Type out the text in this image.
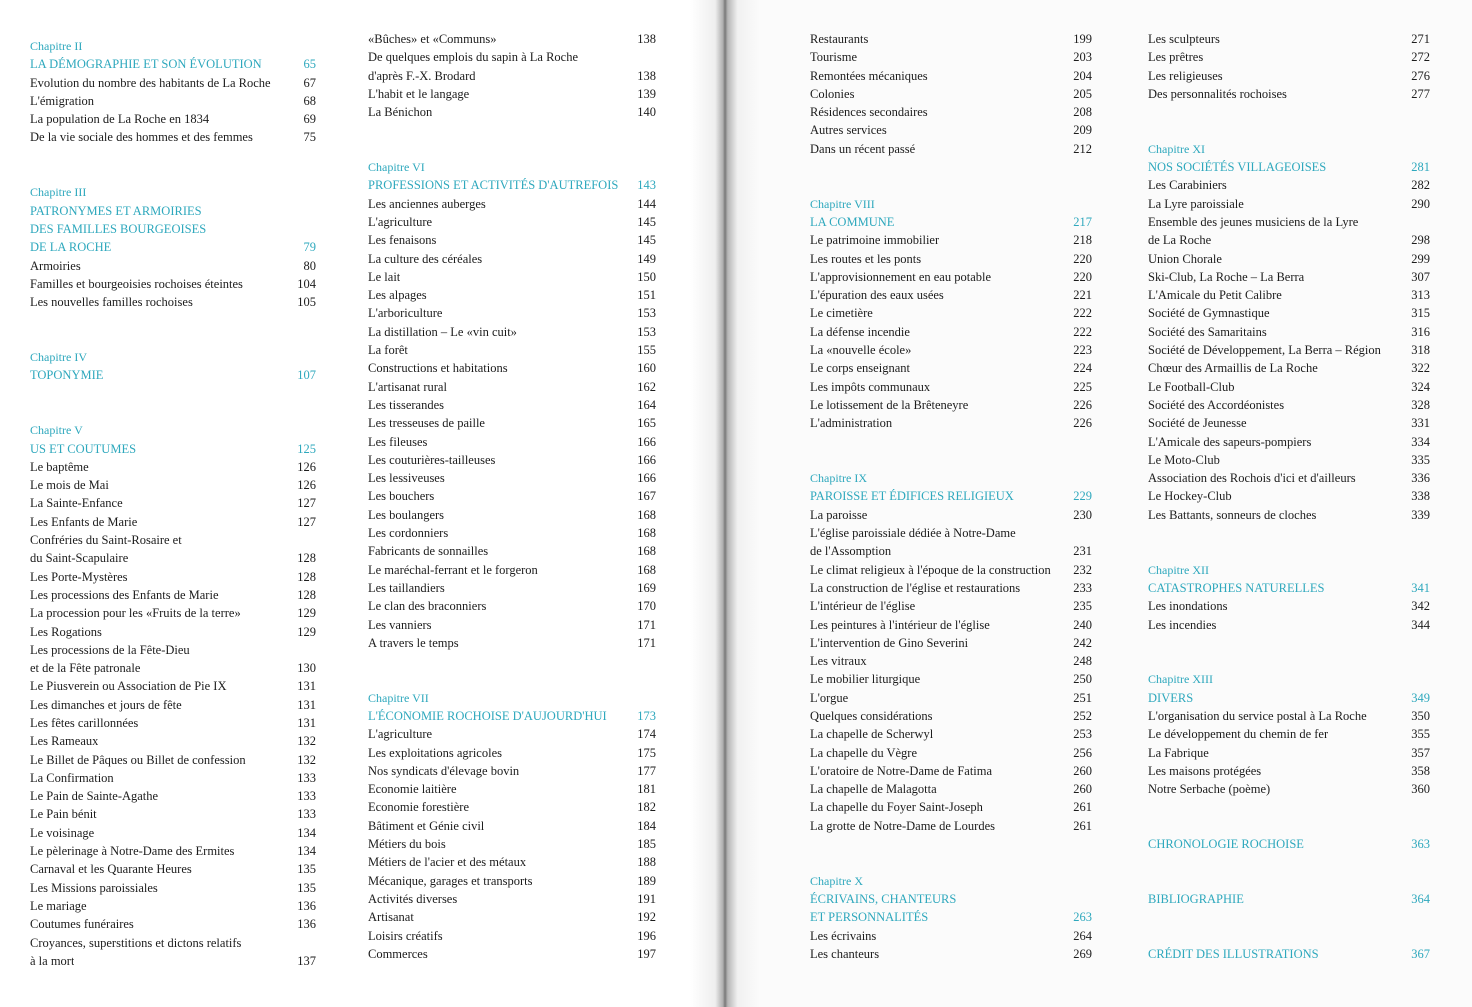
Chapitre II
LA DÉMOGRAPHIE ET SON ÉVOLUTION	65
Evolution du nombre des habitants de La Roche	67
L'émigration	68
La population de La Roche en 1834	69
De la vie sociale des hommes et des femmes	75
Chapitre III
PATRONYMES ET ARMOIRIES
DES FAMILLES BOURGEOISES
DE LA ROCHE	79
Armoiries	80
Familles et bourgeoisies rochoises éteintes	104
Les nouvelles familles rochoises	105
Chapitre IV
TOPONYMIE	107
Chapitre V
US ET COUTUMES	125
Le baptême	126
Le mois de Mai	126
La Sainte-Enfance	127
Les Enfants de Marie	127
Confréries du Saint-Rosaire et
du Saint-Scapulaire	128
Les Porte-Mystères	128
Les processions des Enfants de Marie	128
La procession pour les «Fruits de la terre»	129
Les Rogations	129
Les processions de la Fête-Dieu
et de la Fête patronale	130
Le Piusverein ou Association de Pie IX	131
Les dimanches et jours de fête	131
Les fêtes carillonnées	131
Les Rameaux	132
Le Billet de Pâques ou Billet de confession	132
La Confirmation	133
Le Pain de Sainte-Agathe	133
Le Pain bénit	133
Le voisinage	134
Le pèlerinage à Notre-Dame des Ermites	134
Carnaval et les Quarante Heures	135
Les Missions paroissiales	135
Le mariage	136
Coutumes funéraires	136
Croyances, superstitions et dictons relatifs
à la mort	137
«Bûches» et «Communs»	138
De quelques emplois du sapin à La Roche
d'après F.-X. Brodard	138
L'habit et le langage	139
La Bénichon	140
Chapitre VI
PROFESSIONS ET ACTIVITÉS D'AUTREFOIS	143
Les anciennes auberges	144
L'agriculture	145
Les fenaisons	145
La culture des céréales	149
Le lait	150
Les alpages	151
L'arboriculture	153
La distillation – Le «vin cuit»	153
La forêt	155
Constructions et habitations	160
L'artisanat rural	162
Les tisserandes	164
Les tresseuses de paille	165
Les fileuses	166
Les couturières-tailleuses	166
Les lessiveuses	166
Les bouchers	167
Les boulangers	168
Les cordonniers	168
Fabricants de sonnailles	168
Le maréchal-ferrant et le forgeron	168
Les taillandiers	169
Le clan des braconniers	170
Les vanniers	171
A travers le temps	171
Chapitre VII
L'ÉCONOMIE ROCHOISE D'AUJOURD'HUI	173
L'agriculture	174
Les exploitations agricoles	175
Nos syndicats d'élevage bovin	177
Economie laitière	181
Economie forestière	182
Bâtiment et Génie civil	184
Métiers du bois	185
Métiers de l'acier et des métaux	188
Mécanique, garages et transports	189
Activités diverses	191
Artisanat	192
Loisirs créatifs	196
Commerces	197
Restaurants	199
Tourisme	203
Remontées mécaniques	204
Colonies	205
Résidences secondaires	208
Autres services	209
Dans un récent passé	212
Chapitre VIII
LA COMMUNE	217
Le patrimoine immobilier	218
Les routes et les ponts	220
L'approvisionnement en eau potable	220
L'épuration des eaux usées	221
Le cimetière	222
La défense incendie	222
La «nouvelle école»	223
Le corps enseignant	224
Les impôts communaux	225
Le lotissement de la Brêteneyre	226
L'administration	226
Chapitre IX
PAROISSE ET ÉDIFICES RELIGIEUX	229
La paroisse	230
L'église paroissiale dédiée à Notre-Dame
de l'Assomption	231
Le climat religieux à l'époque de la construction	232
La construction de l'église et restaurations	233
L'intérieur de l'église	235
Les peintures à l'intérieur de l'église	240
L'intervention de Gino Severini	242
Les vitraux	248
Le mobilier liturgique	250
L'orgue	251
Quelques considérations	252
La chapelle de Scherwyl	253
La chapelle du Vègre	256
L'oratoire de Notre-Dame de Fatima	260
La chapelle de Malagotta	260
La chapelle du Foyer Saint-Joseph	261
La grotte de Notre-Dame de Lourdes	261
Chapitre X
ÉCRIVAINS, CHANTEURS
ET PERSONNALITÉS	263
Les écrivains	264
Les chanteurs	269
Les sculpteurs	271
Les prêtres	272
Les religieuses	276
Des personnalités rochoises	277
Chapitre XI
NOS SOCIÉTÉS VILLAGEOISES	281
Les Carabiniers	282
La Lyre paroissiale	290
Ensemble des jeunes musiciens de la Lyre
de La Roche	298
Union Chorale	299
Ski-Club, La Roche – La Berra	307
L'Amicale du Petit Calibre	313
Société de Gymnastique	315
Société des Samaritains	316
Société de Développement, La Berra – Région	318
Chœur des Armaillis de La Roche	322
Le Football-Club	324
Société des Accordéonistes	328
Société de Jeunesse	331
L'Amicale des sapeurs-pompiers	334
Le Moto-Club	335
Association des Rochois d'ici et d'ailleurs	336
Le Hockey-Club	338
Les Battants, sonneurs de cloches	339
Chapitre XII
CATASTROPHES NATURELLES	341
Les inondations	342
Les incendies	344
Chapitre XIII
DIVERS	349
L'organisation du service postal à La Roche	350
Le développement du chemin de fer	355
La Fabrique	357
Les maisons protégées	358
Notre Serbache (poème)	360
CHRONOLOGIE ROCHOISE	363
BIBLIOGRAPHIE	364
CRÉDIT DES ILLUSTRATIONS	367
